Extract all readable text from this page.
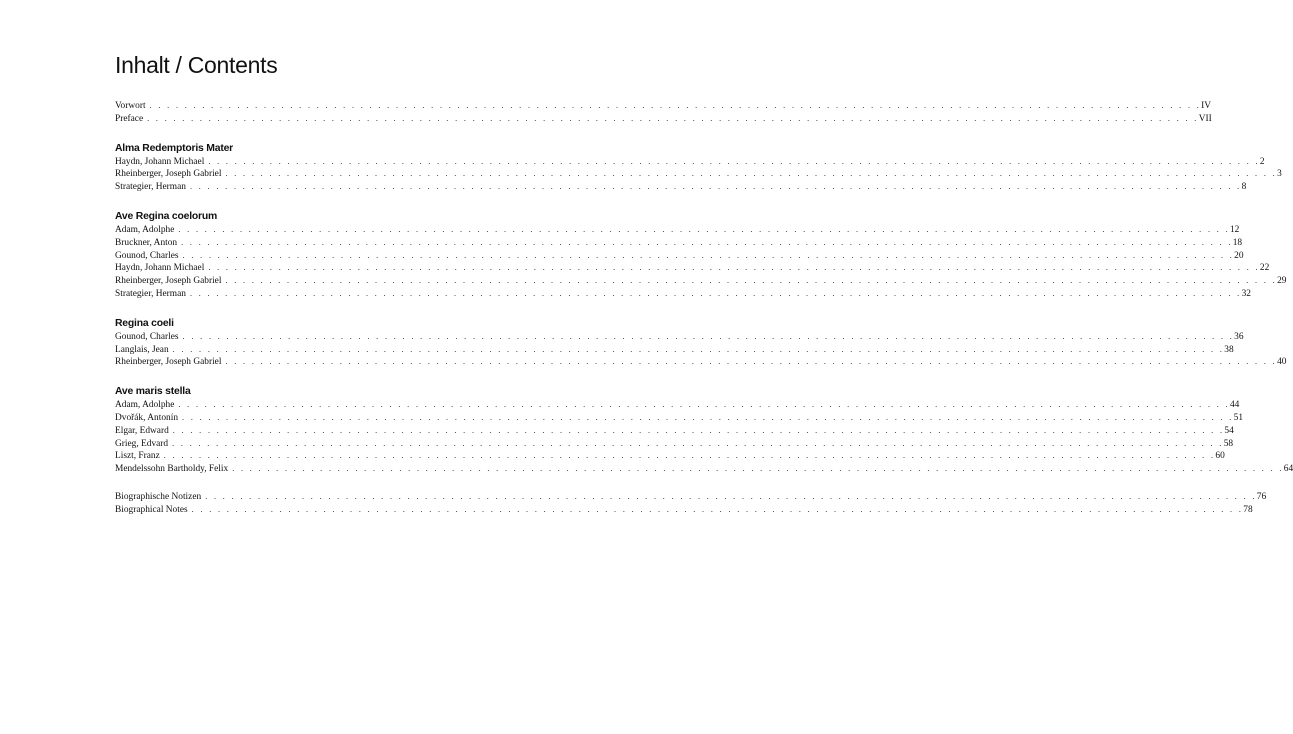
Inhalt / Contents
Vorwort . . . . . . . . . . . . . . . . . . . . . . . . . . . . . . . . . . . . . . . . . . . . . . . . . . . . . . . . . . . . . . . . . . . . . . . . . . . . . . . . . . . . . . . . . . . . . . . . . . . . . . . . . . . . . . . . . . . . . . . . IV
Preface . . . . . . . . . . . . . . . . . . . . . . . . . . . . . . . . . . . . . . . . . . . . . . . . . . . . . . . . . . . . . . . . . . . . . . . . . . . . . . . . . . . . . . . . . . . . . . . . . . . . . . . . . . . . . . . . . . . . . . . . VII
Alma Redemptoris Mater
Haydn, Johann Michael . . . . . . . . . . . . . . . . . . . . . . . . . . . . . . . . . . . . . . . . . . . . . . . . . . . . . . . . . . . . . . . . . . . . . . . . . . . . . . . . . . . . . . . . . . . . . . . . . . . . . . . . . . . . . . . . . . . . . . . . 2
Rheinberger, Joseph Gabriel . . . . . . . . . . . . . . . . . . . . . . . . . . . . . . . . . . . . . . . . . . . . . . . . . . . . . . . . . . . . . . . . . . . . . . . . . . . . . . . . . . . . . . . . . . . . . . . . . . . . . . . . . . . . . . . . . . . . . . . . 3
Strategier, Herman . . . . . . . . . . . . . . . . . . . . . . . . . . . . . . . . . . . . . . . . . . . . . . . . . . . . . . . . . . . . . . . . . . . . . . . . . . . . . . . . . . . . . . . . . . . . . . . . . . . . . . . . . . . . . . . . . . . . . . . . 8
Ave Regina coelorum
Adam, Adolphe . . . . . . . . . . . . . . . . . . . . . . . . . . . . . . . . . . . . . . . . . . . . . . . . . . . . . . . . . . . . . . . . . . . . . . . . . . . . . . . . . . . . . . . . . . . . . . . . . . . . . . . . . . . . . . . . . . . . . . . . 12
Bruckner, Anton . . . . . . . . . . . . . . . . . . . . . . . . . . . . . . . . . . . . . . . . . . . . . . . . . . . . . . . . . . . . . . . . . . . . . . . . . . . . . . . . . . . . . . . . . . . . . . . . . . . . . . . . . . . . . . . . . . . . . . . . 18
Gounod, Charles . . . . . . . . . . . . . . . . . . . . . . . . . . . . . . . . . . . . . . . . . . . . . . . . . . . . . . . . . . . . . . . . . . . . . . . . . . . . . . . . . . . . . . . . . . . . . . . . . . . . . . . . . . . . . . . . . . . . . . . . 20
Haydn, Johann Michael . . . . . . . . . . . . . . . . . . . . . . . . . . . . . . . . . . . . . . . . . . . . . . . . . . . . . . . . . . . . . . . . . . . . . . . . . . . . . . . . . . . . . . . . . . . . . . . . . . . . . . . . . . . . . . . . . . . . . . . . 22
Rheinberger, Joseph Gabriel . . . . . . . . . . . . . . . . . . . . . . . . . . . . . . . . . . . . . . . . . . . . . . . . . . . . . . . . . . . . . . . . . . . . . . . . . . . . . . . . . . . . . . . . . . . . . . . . . . . . . . . . . . . . . . . . . . . . . . . . 29
Strategier, Herman . . . . . . . . . . . . . . . . . . . . . . . . . . . . . . . . . . . . . . . . . . . . . . . . . . . . . . . . . . . . . . . . . . . . . . . . . . . . . . . . . . . . . . . . . . . . . . . . . . . . . . . . . . . . . . . . . . . . . . . . 32
Regina coeli
Gounod, Charles . . . . . . . . . . . . . . . . . . . . . . . . . . . . . . . . . . . . . . . . . . . . . . . . . . . . . . . . . . . . . . . . . . . . . . . . . . . . . . . . . . . . . . . . . . . . . . . . . . . . . . . . . . . . . . . . . . . . . . . . 36
Langlais, Jean . . . . . . . . . . . . . . . . . . . . . . . . . . . . . . . . . . . . . . . . . . . . . . . . . . . . . . . . . . . . . . . . . . . . . . . . . . . . . . . . . . . . . . . . . . . . . . . . . . . . . . . . . . . . . . . . . . . . . . . . 38
Rheinberger, Joseph Gabriel . . . . . . . . . . . . . . . . . . . . . . . . . . . . . . . . . . . . . . . . . . . . . . . . . . . . . . . . . . . . . . . . . . . . . . . . . . . . . . . . . . . . . . . . . . . . . . . . . . . . . . . . . . . . . . . . . . . . . . . . 40
Ave maris stella
Adam, Adolphe . . . . . . . . . . . . . . . . . . . . . . . . . . . . . . . . . . . . . . . . . . . . . . . . . . . . . . . . . . . . . . . . . . . . . . . . . . . . . . . . . . . . . . . . . . . . . . . . . . . . . . . . . . . . . . . . . . . . . . . . 44
Dvořák, Antonín . . . . . . . . . . . . . . . . . . . . . . . . . . . . . . . . . . . . . . . . . . . . . . . . . . . . . . . . . . . . . . . . . . . . . . . . . . . . . . . . . . . . . . . . . . . . . . . . . . . . . . . . . . . . . . . . . . . . . . . . 51
Elgar, Edward . . . . . . . . . . . . . . . . . . . . . . . . . . . . . . . . . . . . . . . . . . . . . . . . . . . . . . . . . . . . . . . . . . . . . . . . . . . . . . . . . . . . . . . . . . . . . . . . . . . . . . . . . . . . . . . . . . . . . . . . 54
Grieg, Edvard . . . . . . . . . . . . . . . . . . . . . . . . . . . . . . . . . . . . . . . . . . . . . . . . . . . . . . . . . . . . . . . . . . . . . . . . . . . . . . . . . . . . . . . . . . . . . . . . . . . . . . . . . . . . . . . . . . . . . . . . 58
Liszt, Franz . . . . . . . . . . . . . . . . . . . . . . . . . . . . . . . . . . . . . . . . . . . . . . . . . . . . . . . . . . . . . . . . . . . . . . . . . . . . . . . . . . . . . . . . . . . . . . . . . . . . . . . . . . . . . . . . . . . . . . . . 60
Mendelssohn Bartholdy, Felix . . . . . . . . . . . . . . . . . . . . . . . . . . . . . . . . . . . . . . . . . . . . . . . . . . . . . . . . . . . . . . . . . . . . . . . . . . . . . . . . . . . . . . . . . . . . . . . . . . . . . . . . . . . . . . . . . . . . . . . . 64
Biographische Notizen . . . . . . . . . . . . . . . . . . . . . . . . . . . . . . . . . . . . . . . . . . . . . . . . . . . . . . . . . . . . . . . . . . . . . . . . . . . . . . . . . . . . . . . . . . . . . . . . . . . . . . . . . . . . . . . . . . . . . . . . 76
Biographical Notes . . . . . . . . . . . . . . . . . . . . . . . . . . . . . . . . . . . . . . . . . . . . . . . . . . . . . . . . . . . . . . . . . . . . . . . . . . . . . . . . . . . . . . . . . . . . . . . . . . . . . . . . . . . . . . . . . . . . . . . . 78
